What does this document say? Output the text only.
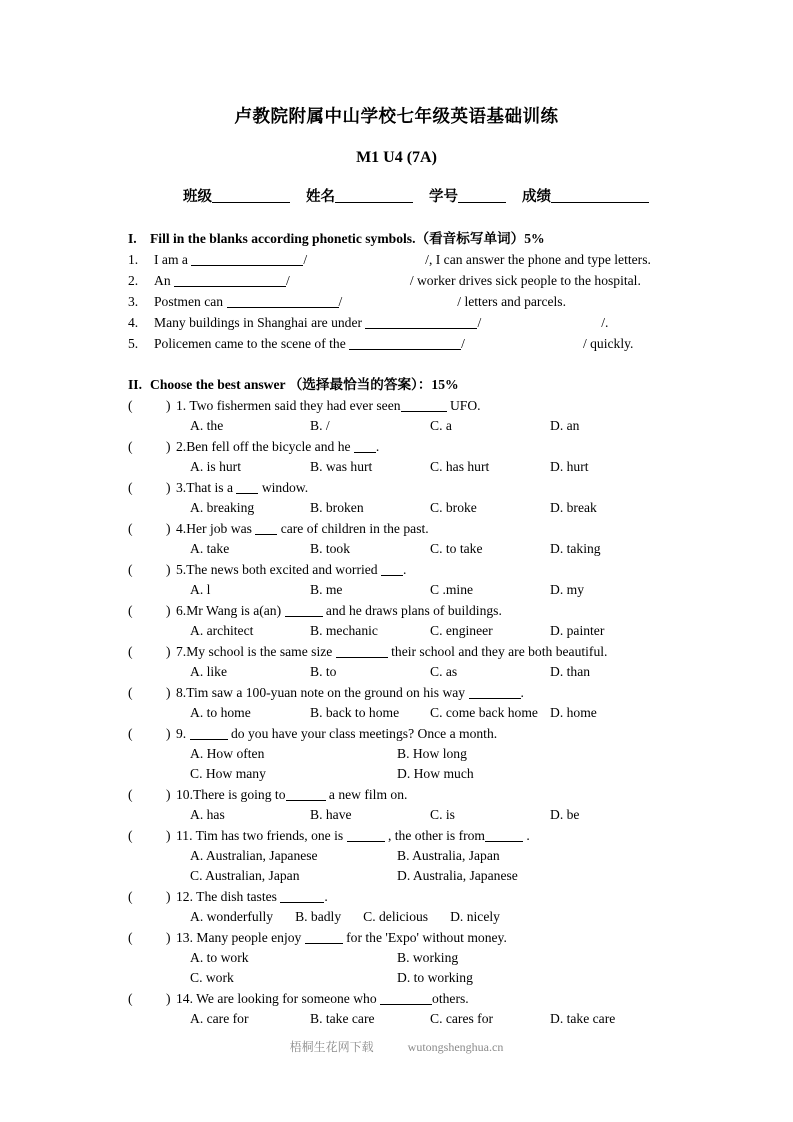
卢教院附属中山学校七年级英语基础训练
M1 U4 (7A)
班级	姓名	学号	成绩
I. Fill in the blanks according phonetic symbols.（看音标写单词）5%
1. I am a	/	/, I can answer the phone and type letters.
2. An	/	/ worker drives sick people to the hospital.
3. Postmen can	/	/ letters and parcels.
4. Many buildings in Shanghai are under	/	/.
5. Policemen came to the scene of the	/	/ quickly.
II. Choose the best answer （选择最恰当的答案）：15%
( ) 1. Two fishermen said they had ever seen	UFO.
A. the	B. /	C. a	D. an
( ) 2.Ben fell off the bicycle and he .
A. is hurt	B. was hurt	C. has hurt	D. hurt
( ) 3.That is a  window.
A. breaking	B. broken	C. broke	D. break
( ) 4.Her job was  care of children in the past.
A. take	B. took	C. to take	D. taking
( ) 5.The news both excited and worried .
A. l	B. me	C .mine	D. my
( ) 6.Mr Wang is a(an)	and he draws plans of buildings.
A. architect	B. mechanic	C. engineer	D. painter
( ) 7.My school is the same size	their school and they are both beautiful.
A. like	B. to	C. as	D. than
( ) 8.Tim saw a 100-yuan note on the ground on his way	.
A. to home	B. back to home C. come back home D. home
( ) 9.	do you have your class meetings? Once a month.
A. How often	B. How long
C. How many	D. How much
( ) 10.There is going to	a new film on.
A. has	B. have	C. is	D. be
( ) 11. Tim has two friends, one is	, the other is from	.
A. Australian, Japanese	B. Australia, Japan
C. Australian, Japan	D. Australia, Japanese
( ) 12. The dish tastes	.
A. wonderfully B. badly C. delicious D. nicely
( ) 13. Many people enjoy	for the 'Expo' without money.
A. to work	B. working
C. work	D. to working
( ) 14. We are looking for someone who	others.
A. care for	B. take care	C. cares for	D. take care
梧桐生花网下载	wutongshenghua.cn
